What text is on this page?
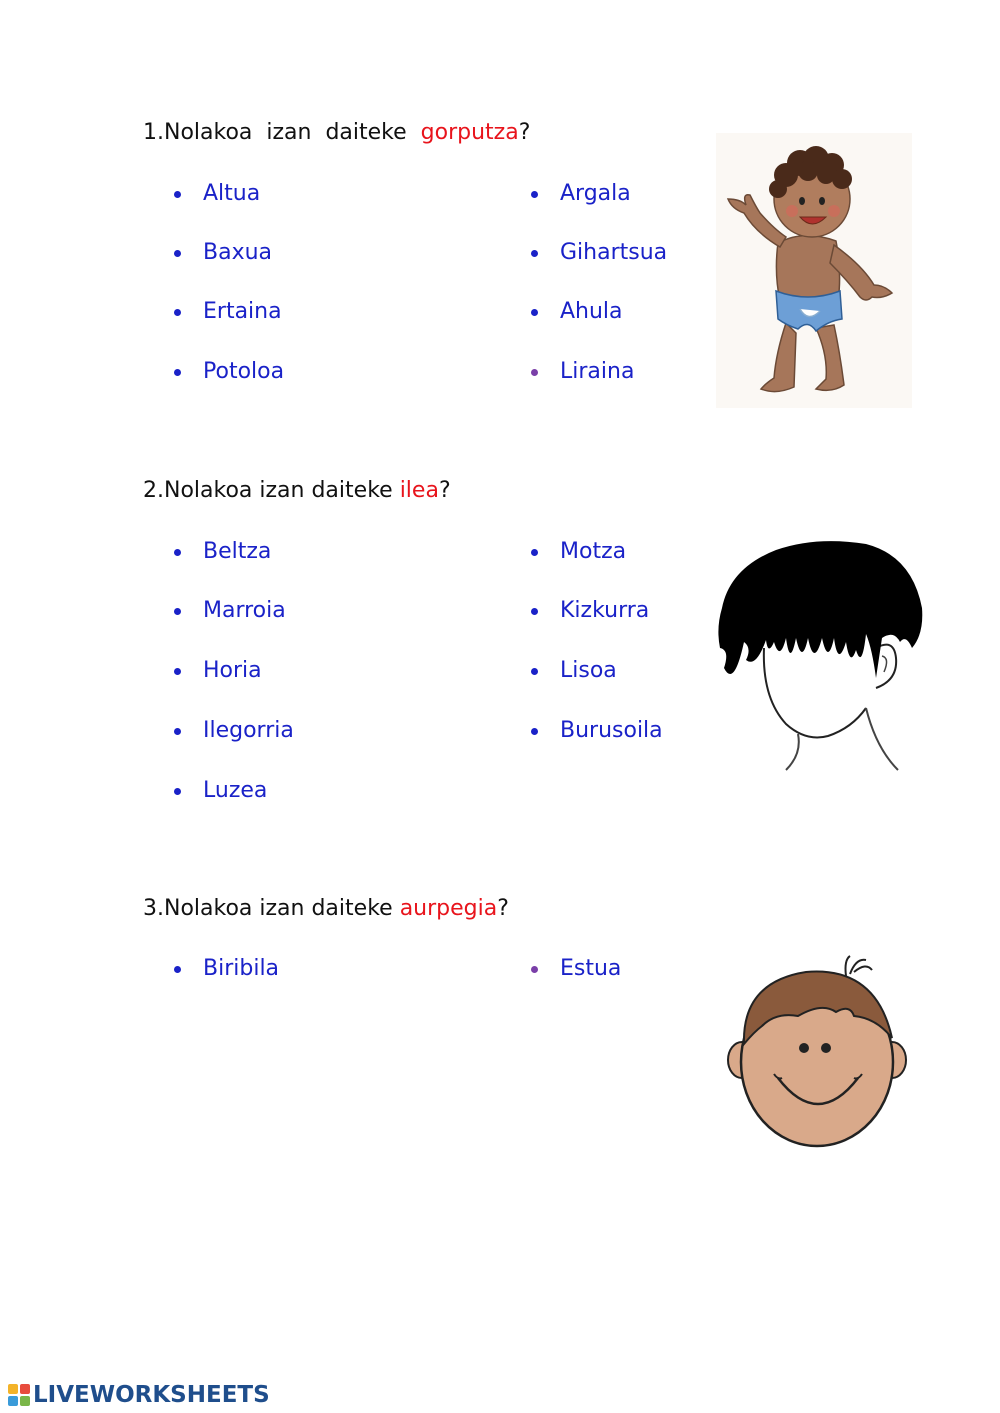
1.Nolakoa  izan  daiteke  gorputza?
Altua
Baxua
Ertaina
Potoloa
Argala
Gihartsua
Ahula
Liraina
2.Nolakoa izan daiteke ilea?
Beltza
Marroia
Horia
Ilegorria
Luzea
Motza
Kizkurra
Lisoa
Burusoila
3.Nolakoa izan daiteke aurpegia?
Biribila	Estua
LIVEWORKSHEETS
